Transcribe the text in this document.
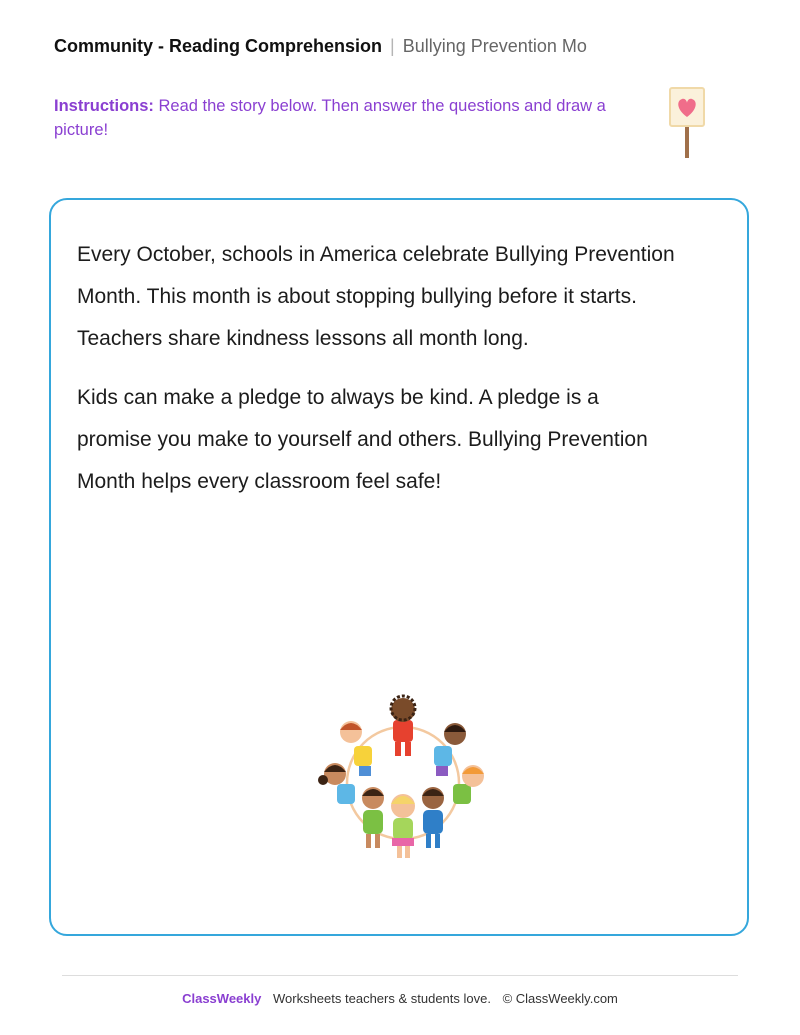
Community - Reading Comprehension | Bullying Prevention Mo
Instructions: Read the story below. Then answer the questions and draw a picture!

Every October, schools in America celebrate Bullying Prevention Month. This month is about stopping bullying before it starts. Teachers share kindness lessons all month long.

Kids can make a pledge to always be kind. A pledge is a promise you make to yourself and others. Bullying Prevention Month helps every classroom feel safe!

ClassWeekly Worksheets teachers & students love. © ClassWeekly.com
